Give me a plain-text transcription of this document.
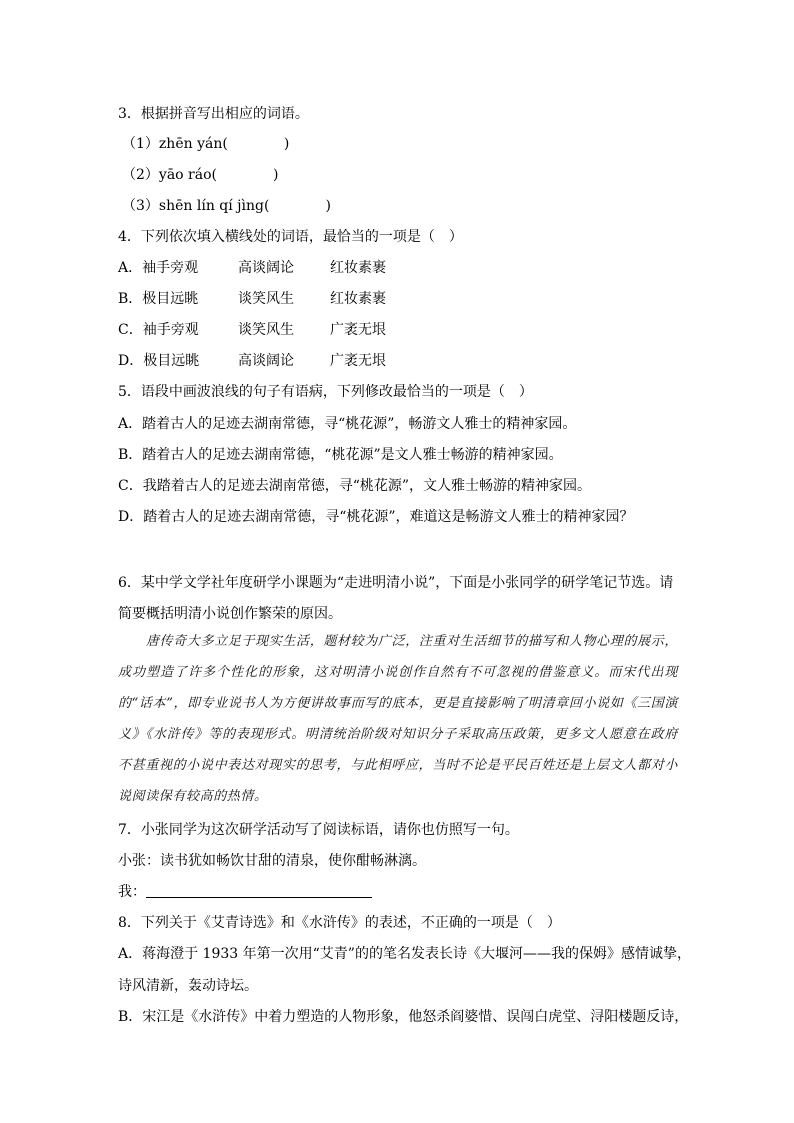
3．根据拼音写出相应的词语。
（1）zhēn yán(	)
（2）yāo ráo(	)
（3）shēn lín qí jìng(	)
4．下列依次填入横线处的词语，最恰当的一项是（　）
A．袖手旁观	高谈阔论	红妆素裹
B．极目远眺	谈笑风生	红妆素裹
C．袖手旁观	谈笑风生	广袤无垠
D．极目远眺	高谈阔论	广袤无垠
5．语段中画波浪线的句子有语病，下列修改最恰当的一项是（　）
A．踏着古人的足迹去湖南常德，寻“桃花源”，畅游文人雅士的精神家园。
B．踏着古人的足迹去湖南常德，“桃花源”是文人雅士畅游的精神家园。
C．我踏着古人的足迹去湖南常德，寻“桃花源”，文人雅士畅游的精神家园。
D．踏着古人的足迹去湖南常德，寻“桃花源”，难道这是畅游文人雅士的精神家园？
6．某中学文学社年度研学小课题为“走进明清小说”，下面是小张同学的研学笔记节选。请简要概括明清小说创作繁荣的原因。

唐传奇大多立足于现实生活，题材较为广泛，注重对生活细节的描写和人物心理的展示，成功塑造了许多个性化的形象，这对明清小说创作自然有不可忽视的借鉴意义。而宋代出现的“话本”，即专业说书人为方便讲故事而写的底本，更是直接影响了明清章回小说如《三国演义》《水浒传》等的表现形式。明清统治阶级对知识分子采取高压政策，更多文人愿意在政府不甚重视的小说中表达对现实的思考，与此相呼应，当时不论是平民百姓还是上层文人都对小说阅读保有较高的热情。

7．小张同学为这次研学活动写了阅读标语，请你也仿照写一句。
小张：读书犹如畅饮甘甜的清泉，使你酣畅淋漓。
我：
8．下列关于《艾青诗选》和《水浒传》的表述，不正确的一项是（　）
A．蒋海澄于 1933 年第一次用“艾青”的的笔名发表长诗《大堰河——我的保姆》感情诚挚，
诗风清新，轰动诗坛。
B．宋江是《水浒传》中着力塑造的人物形象，他怒杀阎婆惜、误闯白虎堂、浔阳楼题反诗，
